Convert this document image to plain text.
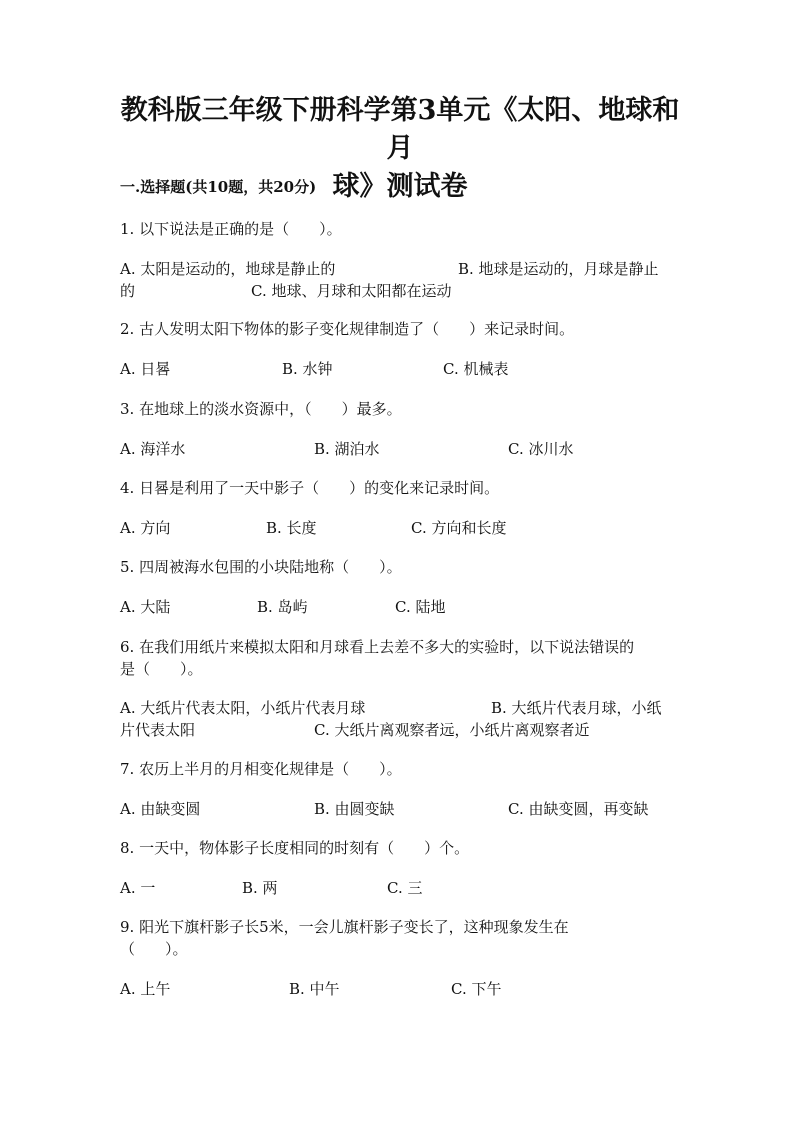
教科版三年级下册科学第3单元《太阳、地球和月
球》测试卷
一.选择题(共10题，共20分)
1. 以下说法是正确的是（　　）。
A. 太阳是运动的，地球是静止的	B. 地球是运动的，月球是静止
的	C. 地球、月球和太阳都在运动
2. 古人发明太阳下物体的影子变化规律制造了（　　）来记录时间。
A. 日晷	B. 水钟	C. 机械表
3. 在地球上的淡水资源中，（　　）最多。
A. 海洋水	B. 湖泊水	C. 冰川水
4. 日晷是利用了一天中影子（　　）的变化来记录时间。
A. 方向	B. 长度	C. 方向和长度
5. 四周被海水包围的小块陆地称（　　）。
A. 大陆	B. 岛屿	C. 陆地
6. 在我们用纸片来模拟太阳和月球看上去差不多大的实验时，以下说法错误的
是（　　）。
A. 大纸片代表太阳，小纸片代表月球	B. 大纸片代表月球，小纸
片代表太阳	C. 大纸片离观察者远，小纸片离观察者近
7. 农历上半月的月相变化规律是（　　）。
A. 由缺变圆	B. 由圆变缺	C. 由缺变圆，再变缺
8. 一天中，物体影子长度相同的时刻有（　　）个。
A. 一	B. 两	C. 三
9. 阳光下旗杆影子长5米，一会儿旗杆影子变长了，这种现象发生在
（　　）。
A. 上午	B. 中午	C. 下午
